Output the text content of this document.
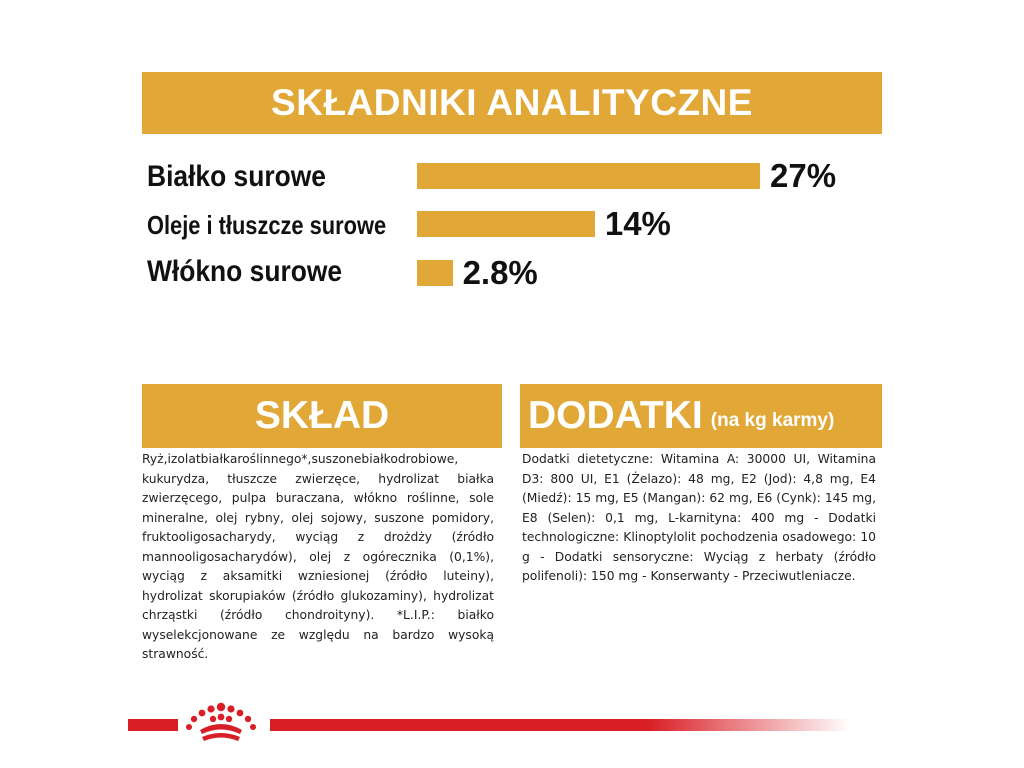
SKŁADNIKI ANALITYCZNE
Białko surowe	27%
Oleje i tłuszcze surowe	14%
Włókno surowe	2.8%
SKŁAD
Ryż,izolatbiałkaroślinnego*,suszonebiałkodrobiowe, kukurydza, tłuszcze zwierzęce, hydrolizat białka zwierzęcego, pulpa buraczana, włókno roślinne, sole mineralne, olej rybny, olej sojowy, suszone pomidory, fruktooligosacharydy, wyciąg z drożdży (źródło mannooligosacharydów), olej z ogórecznika (0,1%), wyciąg z aksamitki wzniesionej (źródło luteiny), hydrolizat skorupiaków (źródło glukozaminy), hydrolizat chrząstki (źródło chondroityny). *L.I.P.: białko wyselekcjonowane ze względu na bardzo wysoką strawność.
DODATKI (na kg karmy)
Dodatki dietetyczne: Witamina A: 30000 UI, Witamina D3: 800 UI, E1 (Żelazo): 48 mg, E2 (Jod): 4,8 mg, E4 (Miedź): 15 mg, E5 (Mangan): 62 mg, E6 (Cynk): 145 mg, E8 (Selen): 0,1 mg, L-karnityna: 400 mg - Dodatki technologiczne: Klinoptylolit pochodzenia osadowego: 10 g - Dodatki sensoryczne: Wyciąg z herbaty (źródło polifenoli): 150 mg - Konserwanty - Przeciwutleniacze.
